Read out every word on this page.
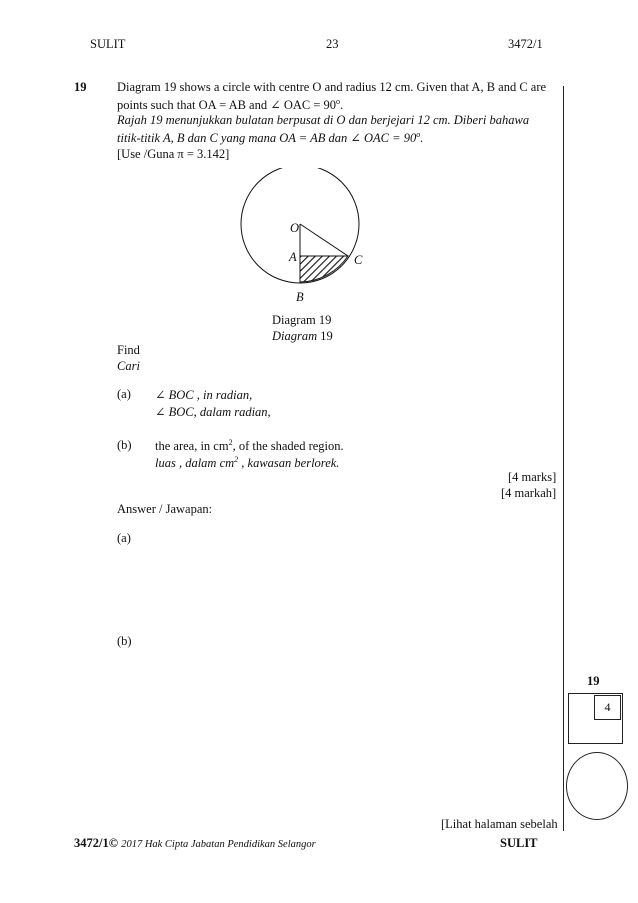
SULIT	23	3472/1
19 Diagram 19 shows a circle with centre O and radius 12 cm. Given that A, B and C are
points such that OA = AB and ∠ OAC = $90^o$.
Rajah 19 menunjukkan bulatan berpusat di O dan berjejari 12 cm. Diberi bahawa
titik-titik A, B dan C yang mana OA = AB dan ∠ OAC = $90^o$.
[Use /Guna π = 3.142]
O
A	C
B
Diagram 19
Diagram 19
Find
Cari
(a) ∠ BOC , in radian,
∠ BOC, dalam radian,
(b) the area, in $cm^2$, of the shaded region.
luas , dalam $cm^2$ , kawasan berlorek.
[4 marks]
[4 markah]
Answer / Jawapan:
(a)
(b)
19
4
[Lihat halaman sebelah
3472/1© 2017 Hak Cipta Jabatan Pendidikan Selangor	SULIT
